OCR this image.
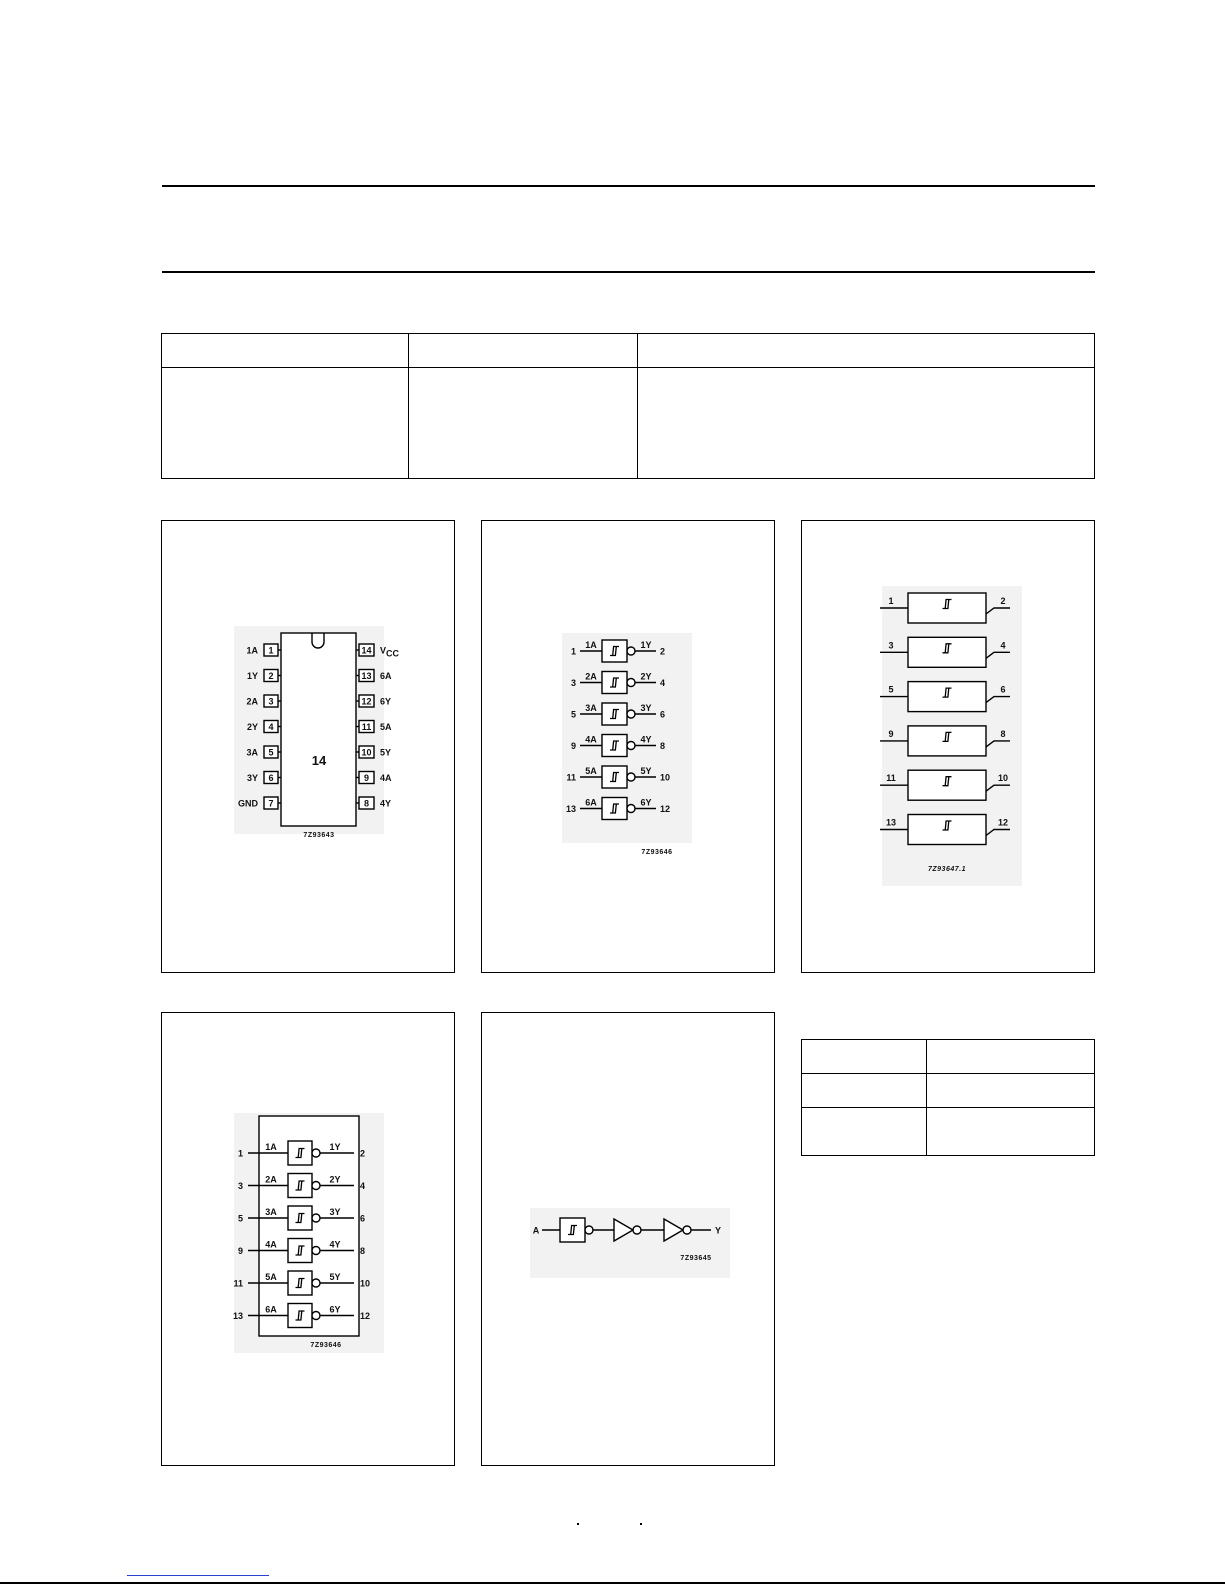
14
1
1A
2
1Y
3
2A
4
2Y
5
3A
6
3Y
7
GND
14 VCC
13 6A
12 6Y
11 5A
10 5Y
9 4A
8 4Y
7Z93643
1
1A	1Y
2
3
2A	2Y
4
5
3A	3Y
6
9
4A	4Y
8
11
5A	5Y
10
13
6A	6Y
12
7Z93646
1	2
3	4
5	6
9	8
11	10
13	12
7Z93647.1
1
1A	1Y
2
3
2A	2Y
4
5
3A	3Y
6
9
4A	4Y
8
11
5A	5Y
10
13
6A	6Y
12
7Z93646
A	Y
7Z93645
